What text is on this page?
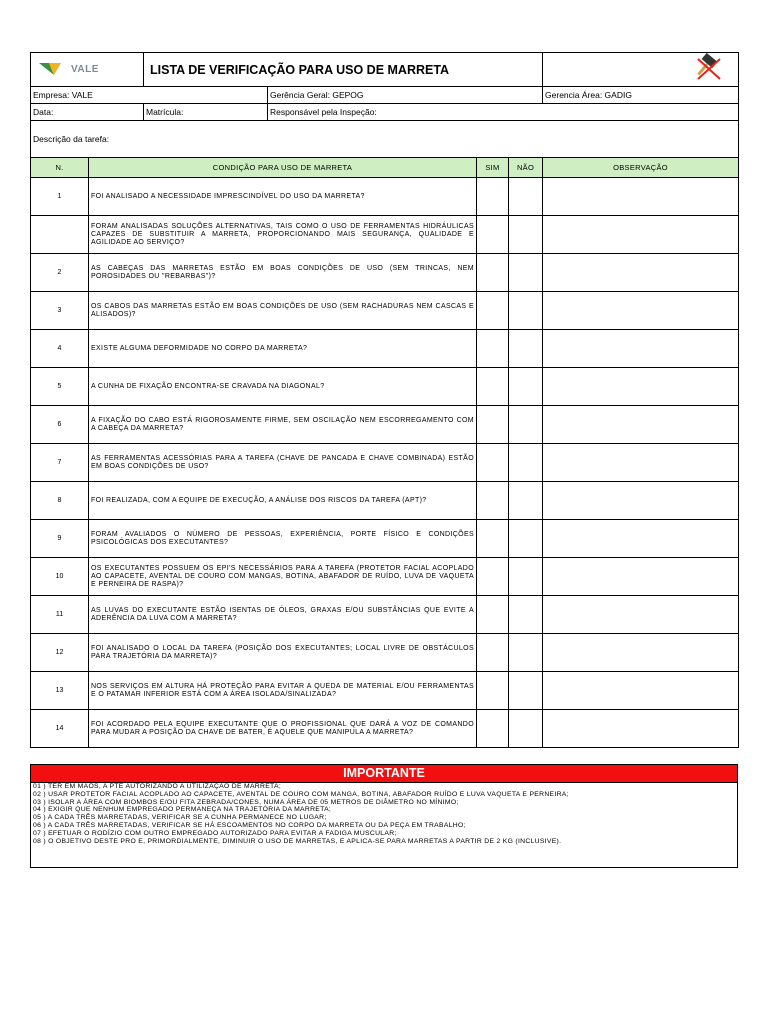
VALE		LISTA DE VERIFICAÇÃO PARA USO DE MARRETA	
Empresa: VALE			Gerência Geral: GEPOG			Gerencia Área: GADIG
Data:		Matrícula:	Responsável pela Inspeção:			
Descrição da tarefa:						
N.	CONDIÇÃO PARA USO DE MARRETA			SIM	NÃO	OBSERVAÇÃO
1	FOI ANALISADO A NECESSIDADE IMPRESCINDÍVEL DO USO DA MARRETA?					
	FORAM ANALISADAS SOLUÇÕES ALTERNATIVAS, TAIS COMO O USO DE FERRAMENTAS HIDRÁULICAS CAPAZES DE SUBSTITUIR A MARRETA, PROPORCIONANDO MAIS SEGURANÇA, QUALIDADE E AGILIDADE AO SERVIÇO?					
2	AS CABEÇAS DAS MARRETAS ESTÃO EM BOAS CONDIÇÕES DE USO (SEM TRINCAS, NEM POROSIDADES OU "REBARBAS")?					
3	OS CABOS DAS MARRETAS ESTÃO EM BOAS CONDIÇÕES DE USO (SEM RACHADURAS NEM CASCAS E ALISADOS)?					
4	EXISTE ALGUMA DEFORMIDADE NO CORPO DA MARRETA?					
5	A CUNHA DE FIXAÇÃO ENCONTRA-SE CRAVADA NA DIAGONAL?					
6	A FIXAÇÃO DO CABO ESTÁ RIGOROSAMENTE FIRME, SEM OSCILAÇÃO NEM ESCORREGAMENTO COM A CABEÇA DA MARRETA?					
7	AS FERRAMENTAS ACESSÓRIAS PARA A TAREFA (CHAVE DE PANCADA E CHAVE COMBINADA) ESTÃO EM BOAS CONDIÇÕES DE USO?					
8	FOI REALIZADA, COM A EQUIPE DE EXECUÇÃO, A ANÁLISE DOS RISCOS DA TAREFA (APT)?					
9	FORAM AVALIADOS O NÚMERO DE PESSOAS, EXPERIÊNCIA, PORTE FÍSICO E CONDIÇÕES PSICOLÓGICAS DOS EXECUTANTES?					
10	OS EXECUTANTES POSSUEM OS EPI'S NECESSÁRIOS PARA A TAREFA (PROTETOR FACIAL ACOPLADO AO CAPACETE, AVENTAL DE COURO COM MANGAS, BOTINA, ABAFADOR DE RUÍDO, LUVA DE VAQUETA E PERNEIRA DE RASPA)?					
11	AS LUVAS DO EXECUTANTE ESTÃO ISENTAS DE ÓLEOS, GRAXAS E/OU SUBSTÂNCIAS QUE EVITE A ADERÊNCIA DA LUVA COM A MARRETA?					
12	FOI ANALISADO O LOCAL DA TAREFA (POSIÇÃO DOS EXECUTANTES; LOCAL LIVRE DE OBSTÁCULOS PARA TRAJETÓRIA DA MARRETA)?					
13	NOS SERVIÇOS EM ALTURA HÁ PROTEÇÃO PARA EVITAR A QUEDA DE MATERIAL E/OU FERRAMENTAS E O PATAMAR INFERIOR ESTÁ COM A ÁREA ISOLADA/SINALIZADA?					
14	FOI ACORDADO PELA EQUIPE EXECUTANTE QUE O PROFISSIONAL QUE DARÁ A VOZ DE COMANDO PARA MUDAR A POSIÇÃO DA CHAVE DE BATER, É AQUELE QUE MANIPULA A MARRETA?					
IMPORTANTE
01 ) TER EM MÃOS, A PTE AUTORIZANDO A UTILIZAÇÃO DE MARRETA;
02 ) USAR PROTETOR FACIAL ACOPLADO AO CAPACETE, AVENTAL DE COURO COM MANGA, BOTINA, ABAFADOR RUÍDO E LUVA VAQUETA E PERNEIRA;
03 ) ISOLAR A ÁREA COM BIOMBOS E/OU FITA ZEBRADA/CONES, NUMA ÁREA DE 05 METROS DE DIÂMETRO NO MÍNIMO;
04 ) EXIGIR QUE NENHUM EMPREGADO PERMANEÇA NA TRAJETÓRIA DA MARRETA;
05 ) A CADA TRÊS MARRETADAS, VERIFICAR SE A CUNHA PERMANECE NO LUGAR;
06 ) A CADA TRÊS MARRETADAS, VERIFICAR SE HÁ ESCOAMENTOS NO CORPO DA MARRETA OU DA PEÇA EM TRABALHO;
07 ) EFETUAR O RODÍZIO COM OUTRO EMPREGADO AUTORIZADO PARA EVITAR A FADIGA MUSCULAR;
08 ) O OBJETIVO DESTE PRO E, PRIMORDIALMENTE, DIMINUIR O USO DE MARRETAS, E APLICA-SE PARA MARRETAS A PARTIR DE 2 KG (INCLUSIVE).
